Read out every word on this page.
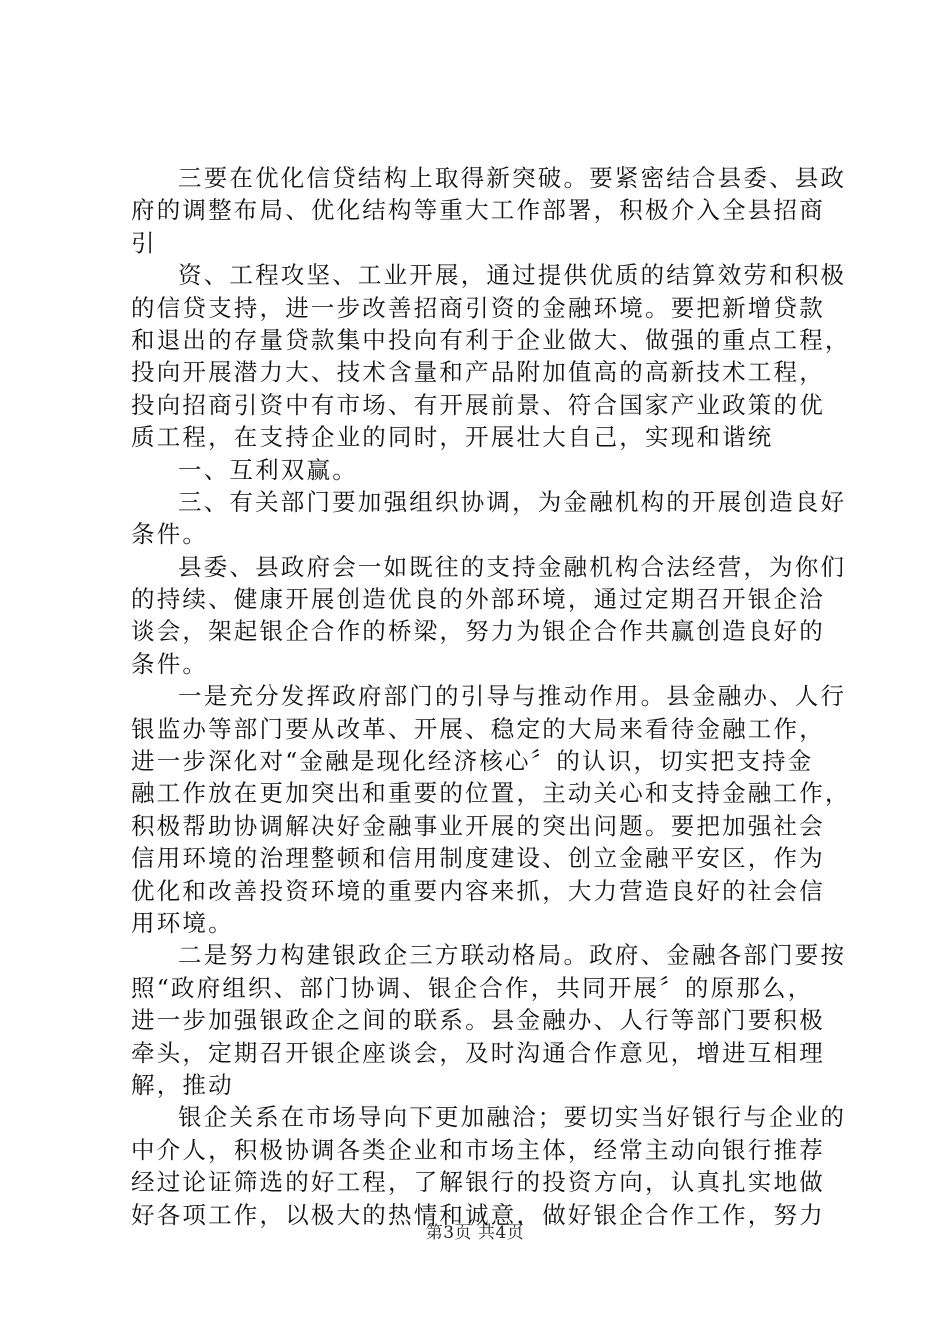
三要在优化信贷结构上取得新突破。要紧密结合县委、县政
府的调整布局、优化结构等重大工作部署，积极介入全县招商
引
资、工程攻坚、工业开展，通过提供优质的结算效劳和积极
的信贷支持，进一步改善招商引资的金融环境。要把新增贷款
和退出的存量贷款集中投向有利于企业做大、做强的重点工程，
投向开展潜力大、技术含量和产品附加值高的高新技术工程，
投向招商引资中有市场、有开展前景、符合国家产业政策的优
质工程，在支持企业的同时，开展壮大自己，实现和谐统
一、互利双赢。
三、有关部门要加强组织协调，为金融机构的开展创造良好
条件。
县委、县政府会一如既往的支持金融机构合法经营，为你们
的持续、健康开展创造优良的外部环境，通过定期召开银企洽
谈会，架起银企合作的桥梁，努力为银企合作共赢创造良好的
条件。
一是充分发挥政府部门的引导与推动作用。县金融办、人行
银监办等部门要从改革、开展、稳定的大局来看待金融工作，
进一步深化对“金融是现化经济核心〞的认识，切实把支持金
融工作放在更加突出和重要的位置，主动关心和支持金融工作，
积极帮助协调解决好金融事业开展的突出问题。要把加强社会
信用环境的治理整顿和信用制度建设、创立金融平安区，作为
优化和改善投资环境的重要内容来抓，大力营造良好的社会信
用环境。
二是努力构建银政企三方联动格局。政府、金融各部门要按
照“政府组织、部门协调、银企合作，共同开展〞的原那么，
进一步加强银政企之间的联系。县金融办、人行等部门要积极
牵头，定期召开银企座谈会，及时沟通合作意见，增进互相理
解，推动
银企关系在市场导向下更加融洽；要切实当好银行与企业的
中介人，积极协调各类企业和市场主体，经常主动向银行推荐
经过论证筛选的好工程，了解银行的投资方向，认真扎实地做
好各项工作，以极大的热情和诚意，做好银企合作工作，努力
第3页 共4页
